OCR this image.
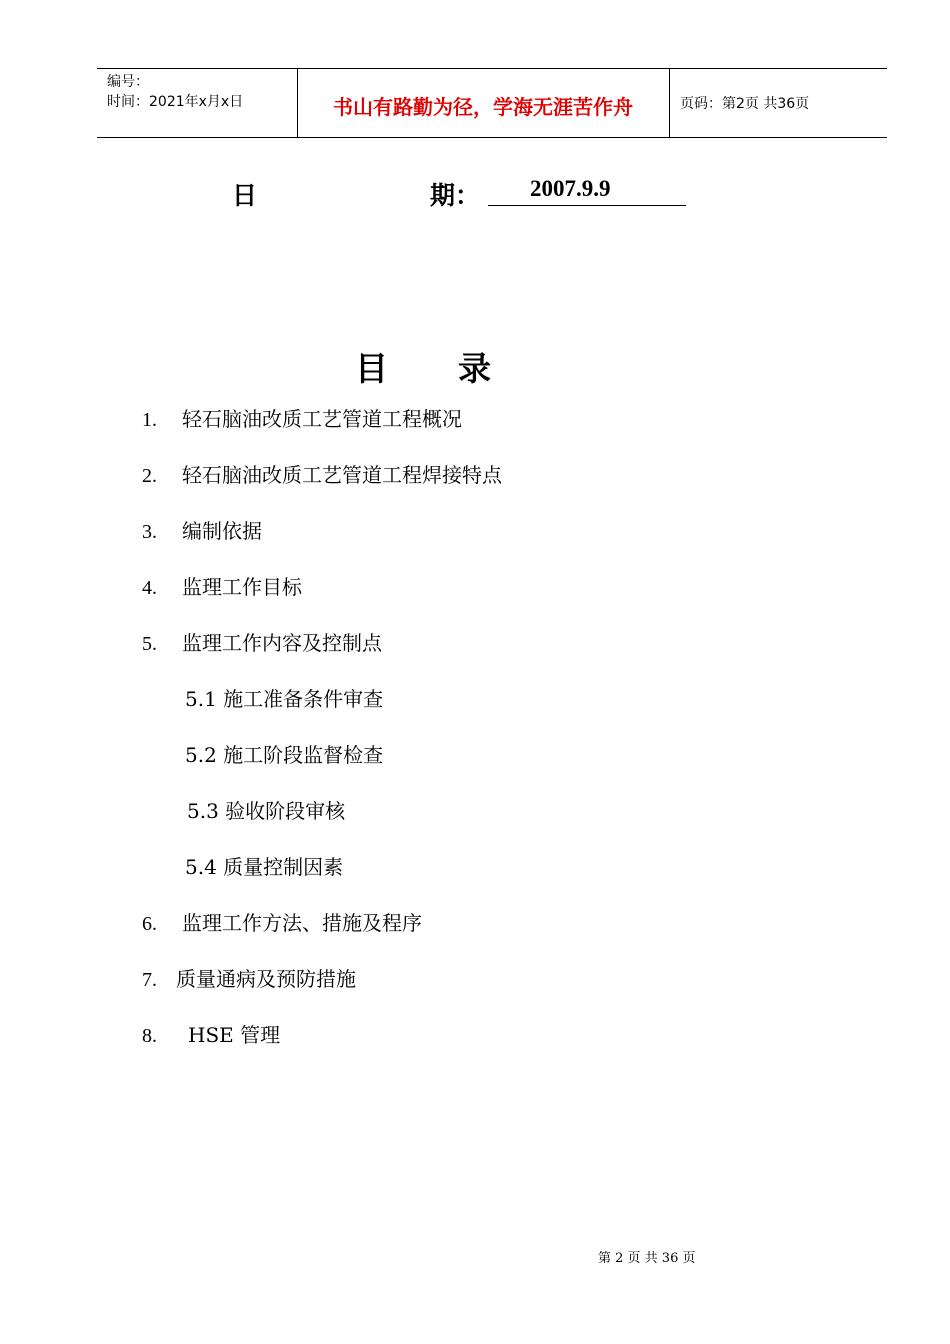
编号：
时间：2021年x月x日	书山有路勤为径，学海无涯苦作舟	页码：第2页 共36页
日	期：	2007.9.9
目 录
1. 轻石脑油改质工艺管道工程概况
2. 轻石脑油改质工艺管道工程焊接特点
3. 编制依据
4. 监理工作目标
5. 监理工作内容及控制点
5.1 施工准备条件审查
5.2 施工阶段监督检查
5.3 验收阶段审核
5.4 质量控制因素
6. 监理工作方法、措施及程序
7. 质量通病及预防措施
8. HSE 管理
第 2 页 共 36 页
